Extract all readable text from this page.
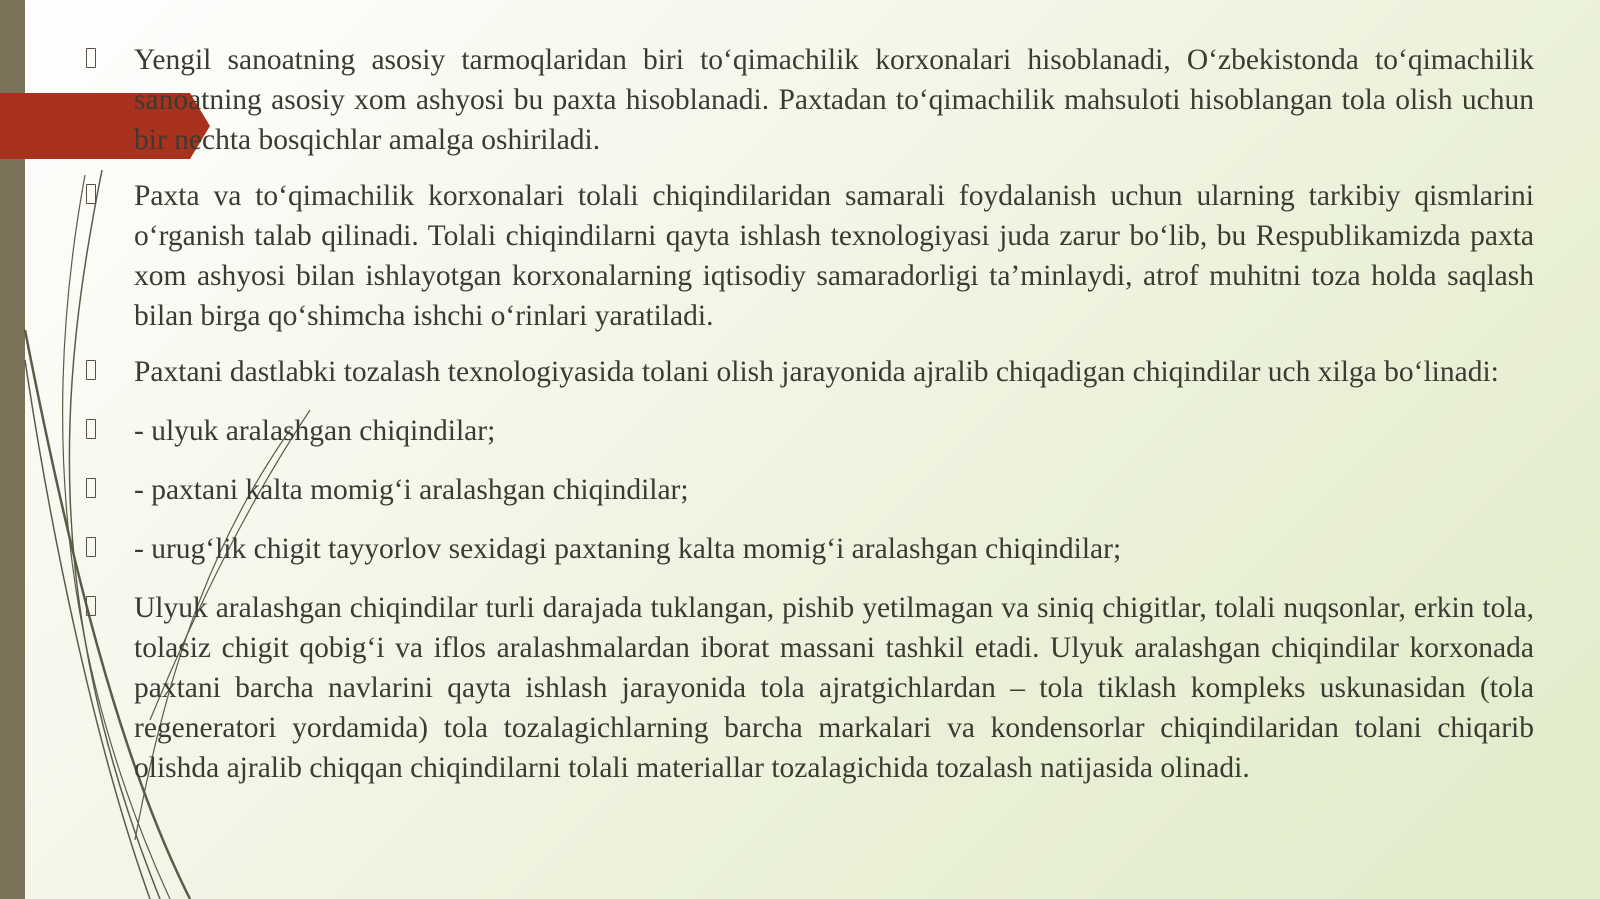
Yengil sanoatning asosiy tarmoqlaridan biri to‘qimachilik korxonalari hisoblanadi, O‘zbekistonda to‘qimachilik sanoatning asosiy xom ashyosi bu paxta hisoblanadi. Paxtadan to‘qimachilik mahsuloti hisoblangan tola olish uchun bir nechta bosqichlar amalga oshiriladi.
Paxta va to‘qimachilik korxonalari tolali chiqindilaridan samarali foydalanish uchun ularning tarkibiy qismlarini o‘rganish talab qilinadi. Tolali chiqindilarni qayta ishlash texnologiyasi juda zarur bo‘lib, bu Respublikamizda paxta xom ashyosi bilan ishlayotgan korxonalarning iqtisodiy samaradorligi ta’minlaydi, atrof muhitni toza holda saqlash bilan birga qo‘shimcha ishchi o‘rinlari yaratiladi.
Paxtani dastlabki tozalash texnologiyasida tolani olish jarayonida ajralib chiqadigan chiqindilar uch xilga bo‘linadi:
- ulyuk aralashgan chiqindilar;
- paxtani kalta momig‘i aralashgan chiqindilar;
- urug‘lik chigit tayyorlov sexidagi paxtaning kalta momig‘i aralashgan chiqindilar;
Ulyuk aralashgan chiqindilar turli darajada tuklangan, pishib yetilmagan va siniq chigitlar, tolali nuqsonlar, erkin tola, tolasiz chigit qobig‘i va iflos aralashmalardan iborat massani tashkil etadi. Ulyuk aralashgan chiqindilar korxonada paxtani barcha navlarini qayta ishlash jarayonida tola ajratgichlardan – tola tiklash kompleks uskunasidan (tola regeneratori yordamida) tola tozalagichlarning barcha markalari va kondensorlar chiqindilaridan tolani chiqarib olishda ajralib chiqqan chiqindilarni tolali materiallar tozalagichida tozalash natijasida olinadi.
